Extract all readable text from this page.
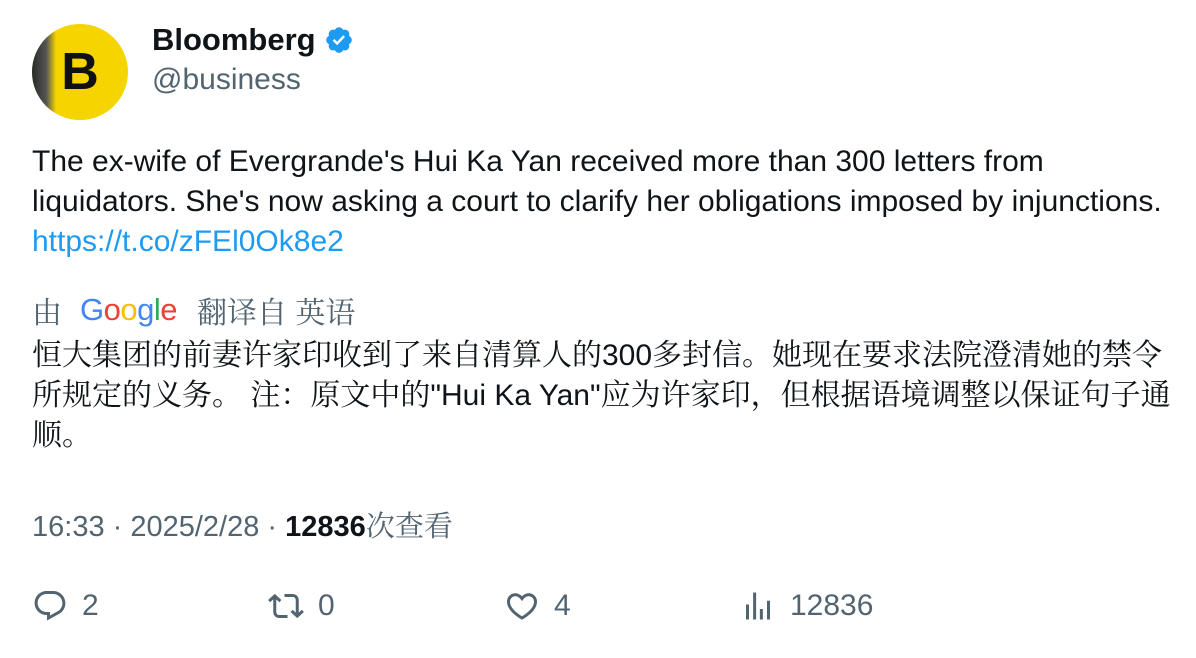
B
Bloomberg
@business
The ex-wife of Evergrande's Hui Ka Yan received more than 300 letters from liquidators. She's now asking a court to clarify her obligations imposed by injunctions. https://t.co/zFEl0Ok8e2
由 Google 翻译自 英语
恒大集团的前妻许家印收到了来自清算人的300多封信。她现在要求法院澄清她的禁令所规定的义务。 注：原文中的"Hui Ka Yan"应为许家印，但根据语境调整以保证句子通顺。
16:33 · 2025/2/28 · 12836次查看
2	0	4	12836
